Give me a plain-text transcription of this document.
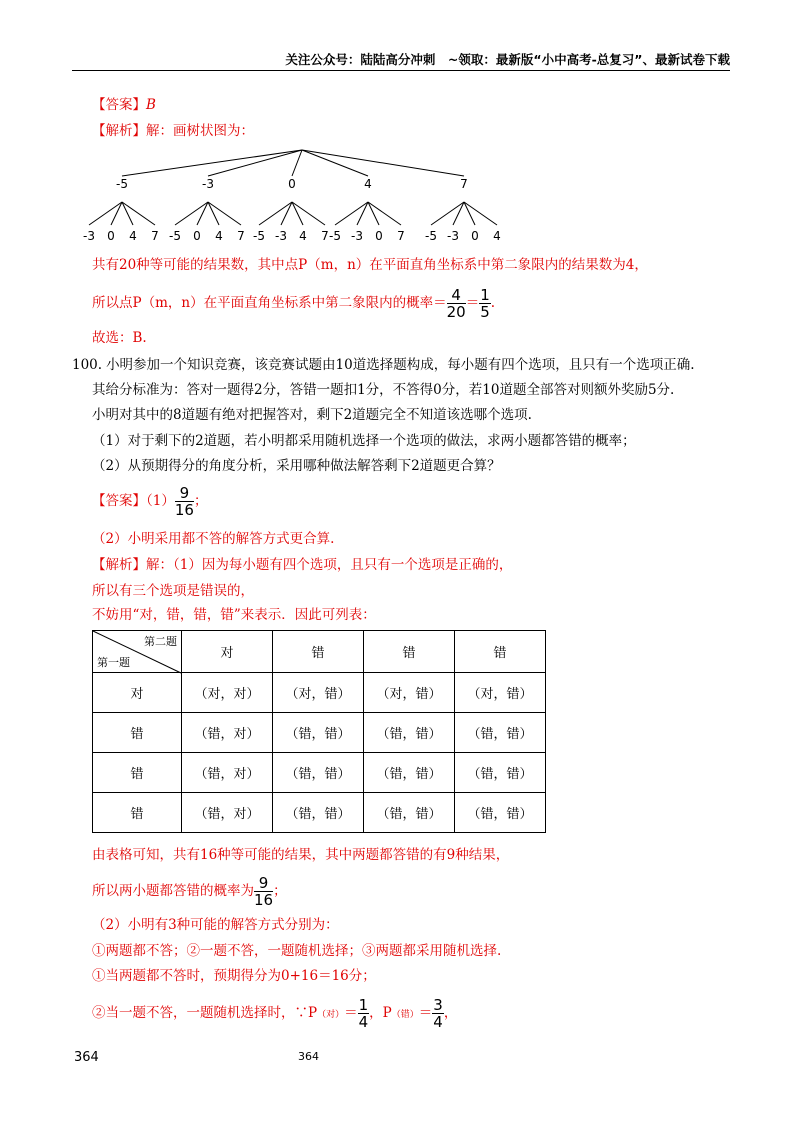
关注公众号：陆陆高分冲刺　~领取：最新版“小中高考-总复习”、最新试卷下载
【答案】B
【解析】解：画树状图为：
-5
-3 0 4 7
-3
-5 0 4 7
0
-5 -3 4 7
4
-5 -3 0 7
7
-5 -3 0 4
共有20种等可能的结果数，其中点P（m，n）在平面直角坐标系中第二象限内的结果数为4，
所以点P（m，n）在平面直角坐标系中第二象限内的概率＝ $\frac{4}{20} = \frac{1}{5}$ .
故选：B.
100. 小明参加一个知识竞赛，该竞赛试题由10道选择题构成，每小题有四个选项，且只有一个选项正确.
其给分标准为：答对一题得2分，答错一题扣1分，不答得0分，若10道题全部答对则额外奖励5分.
小明对其中的8道题有绝对把握答对，剩下2道题完全不知道该选哪个选项.
（1）对于剩下的2道题，若小明都采用随机选择一个选项的做法，求两小题都答错的概率；
（2）从预期得分的角度分析，采用哪种做法解答剩下2道题更合算？
【答案】$(1) \frac{9}{16}$ ；
（2）小明采用都不答的解答方式更合算.
【解析】解：（1）因为每小题有四个选项，且只有一个选项是正确的，
所以有三个选项是错误的，
不妨用“对，错，错，错”来表示．因此可列表：
第二题
第一题	对	错	错	错
对	（对，对）	（对，错）	（对，错）	（对，错）
错	（错，对）	（错，错）	（错，错）	（错，错）
错	（错，对）	（错，错）	（错，错）	（错，错）
错	（错，对）	（错，错）	（错，错）	（错，错）
由表格可知，共有16种等可能的结果，其中两题都答错的有9种结果，
所以两小题都答错的概率为 $\frac{9}{16}$ ；
（2）小明有3种可能的解答方式分别为：
①两题都不答；②一题不答，一题随机选择；③两题都采用随机选择.
①当两题都不答时，预期得分为0+16＝16分；
②当一题不答，一题随机选择时，∵P（对）＝ $\frac{1}{4}$ ，P（错）＝ $\frac{3}{4}$ ，
364	364
